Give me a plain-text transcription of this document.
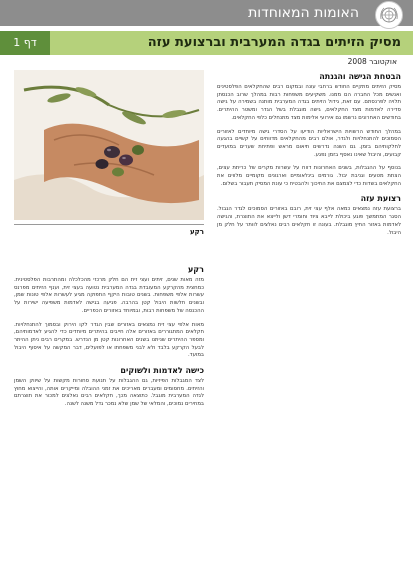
האומות המאוחדות
מסיק הזיתים בגדה המערבית וברצועת עזה
דף 1
אוקטובר 2008
הבטחת הגישה והגנתה

מסיק הזיתים מתקיים החודש ברחבי עונה ובמקום רבים שהחקלאים הפלסטינים ואנשים מכל החברה הם ממנו. משקיעים משפחות רבות במהלך שרוב הכנסתן תלויה לפרנסתם. עם זאת, גידול הזיתים בגדה המערבית מותנה בשמירה על גישה סדירה לאדמות מצד החקלאים, גישה מוגבלת בשל הגדר ומשטר ההיתרים. בחודשים האחרונים נרשמו גם אירועי אלימות מצד מתנחלים כלפי החקלאים.

במהלך החודש הרשויות הישראליות הודיעו על הסדרי גישה מיוחדים לאזורים הסמוכים להתנחלויות ולגדר, אולם רבים מהחקלאים מדווחים על קשיים בהגעה לחלקותיהם בזמן. גם השנה נדרשים תיאום מראש ופתיחת שערים במועדים קבועים, והיבול שאינו נאסף בזמן נפגע.

בנוסף על ההגבלות, בשנים האחרונות דווח על עשרות מקרים של כריתת עצים, הצתת מטעים וגניבת יבול. גורמים בינלאומיים וארגונים מקומיים מלווים את החקלאים בשדות כדי לצמצם את החיכוך ולהבטיח כי עונת המסיק תעבור בשלום.

רצועת עזה

ברצועת עזה נמצאים כמאה אלף עצי זית, רובם באזורים הסמוכים לגדר הגבול. הסגר המתמשך פוגע ביכולת לייבא ציוד וחומרי דשן ולייצא את התוצרת, והגישה לאדמות באזור החיץ מוגבלת. בעונה זו חקלאים רבים נאלצים לוותר על חלק מן היבול.

רקע
רקע

מזה מאות שנים, זיתים ועצי זית הם חלק מרכזי מהכלכלה ומהתרבות הפלסטינית. כמחצית מהקרקע המעובדת בגדה המערבית נטועה בעצי זית, וענף הזיתים מפרנס עשרות אלפי משפחות. בשנים טובות היקף התפוקה מגיע לעשרות אלפי טונות שמן, ובשנים חלשות היבול קטן בהרבה. פגיעה בגישה לאדמות משפיעה ישירות על ההכנסה של משפחות רבות, ובמיוחד באזורים הכפריים.

מאות אלפי עצי זית נמצאים באזורים שבין הגדר לקו הירוק ובסמוך להתנחלויות. חקלאים המתגוררים באזורים אלה חייבים בהיתרים מיוחדים כדי להגיע לאדמותיהם, ומספר ההיתרים שניתנו בשנים האחרונות קטן מן הנדרש. במקרים רבים ניתן ההיתר לבעל הקרקע בלבד ולא לבני משפחתו או לפועלים, דבר המקשה על איסוף היבול במועד.

כישה לאדמות ולשוקים

לצד המגבלות הפיזיות, גם ההגבלות על תנועת סחורות מקשות על שיווק השמן והזיתים. מחסומים ומעברים מאריכים את זמני ההובלה ומייקרים אותה, והייצוא מחוץ לגדה המערבית מוגבל. כתוצאה מכך, חקלאים רבים נאלצים למכור את תוצרתם במחירים נמוכים, והמלאי של שמן שלא נמכר גדל משנה לשנה.
